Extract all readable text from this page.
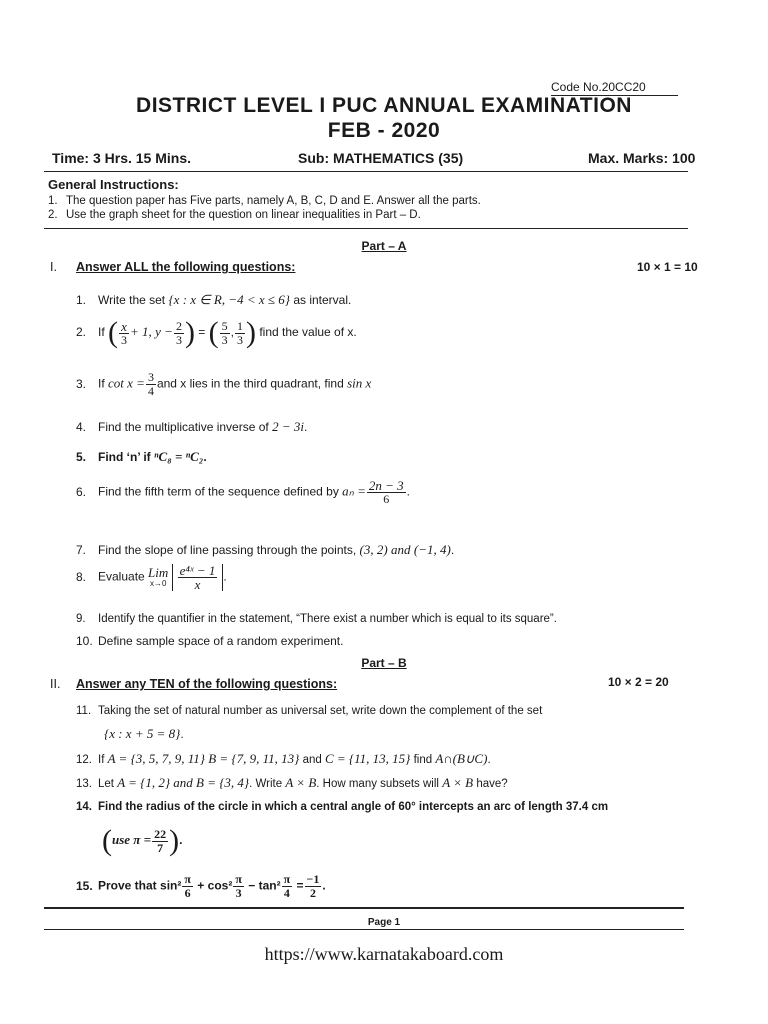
Code No.20CC20
DISTRICT LEVEL I PUC ANNUAL EXAMINATION
FEB - 2020
Time: 3 Hrs. 15 Mins.	Sub: MATHEMATICS (35)	Max. Marks: 100
General Instructions:
1. The question paper has Five parts, namely A, B, C, D and E. Answer all the parts.
2. Use the graph sheet for the question on linear inequalities in Part – D.
Part – A
I. Answer ALL the following questions:	10 × 1 = 10
1. Write the set {x : x ∈ R, −4 < x ≤ 6} as interval.
2. If ( $\frac{x}{3} + 1$, $y - \frac{2}{3}$ ) = ( $\frac{5}{3}$ , $\frac{1}{3}$ ) find the value of x.
3. If $\cot x = \frac{3}{4}$ and x lies in the third quadrant, find sin x
4. Find the multiplicative inverse of 2 − 3i.
5. Find ‘n’ if ⁿC₈ = ⁿC₂.
6. Find the fifth term of the sequence defined by $a_n = \frac{2n - 3}{6}$ .
7. Find the slope of line passing through the points, (3, 2) and (−1, 4).
8. Evaluate Lim
x→0
$\frac{\text{e⁴ˣ − 1}}{x}$ .
9. Identify the quantifier in the statement, “There exist a number which is equal to its square”.
10. Define sample space of a random experiment.
Part – B
II. Answer any TEN of the following questions:	10 × 2 = 20
11. Taking the set of natural number as universal set, write down the complement of the set
{x : x + 5 = 8}.
12. If A = {3, 5, 7, 9, 11} B = {7, 9, 11, 13} and C = {11, 13, 15} find A∩(B∪C).
13. Let A = {1, 2} and B = {3, 4}. Write A × B. How many subsets will A × B have?
14. Find the radius of the circle in which a central angle of 60° intercepts an arc of length 37.4 cm
(use $\pi = \frac{22}{7}$ ).
15. Prove that $\sin^2 \frac{\pi}{6} + \cos^2 \frac{\pi}{3} - \tan^2 \frac{\pi}{4} = \frac{-1}{2}$ .
Page 1
https://www.karnatakaboard.com
